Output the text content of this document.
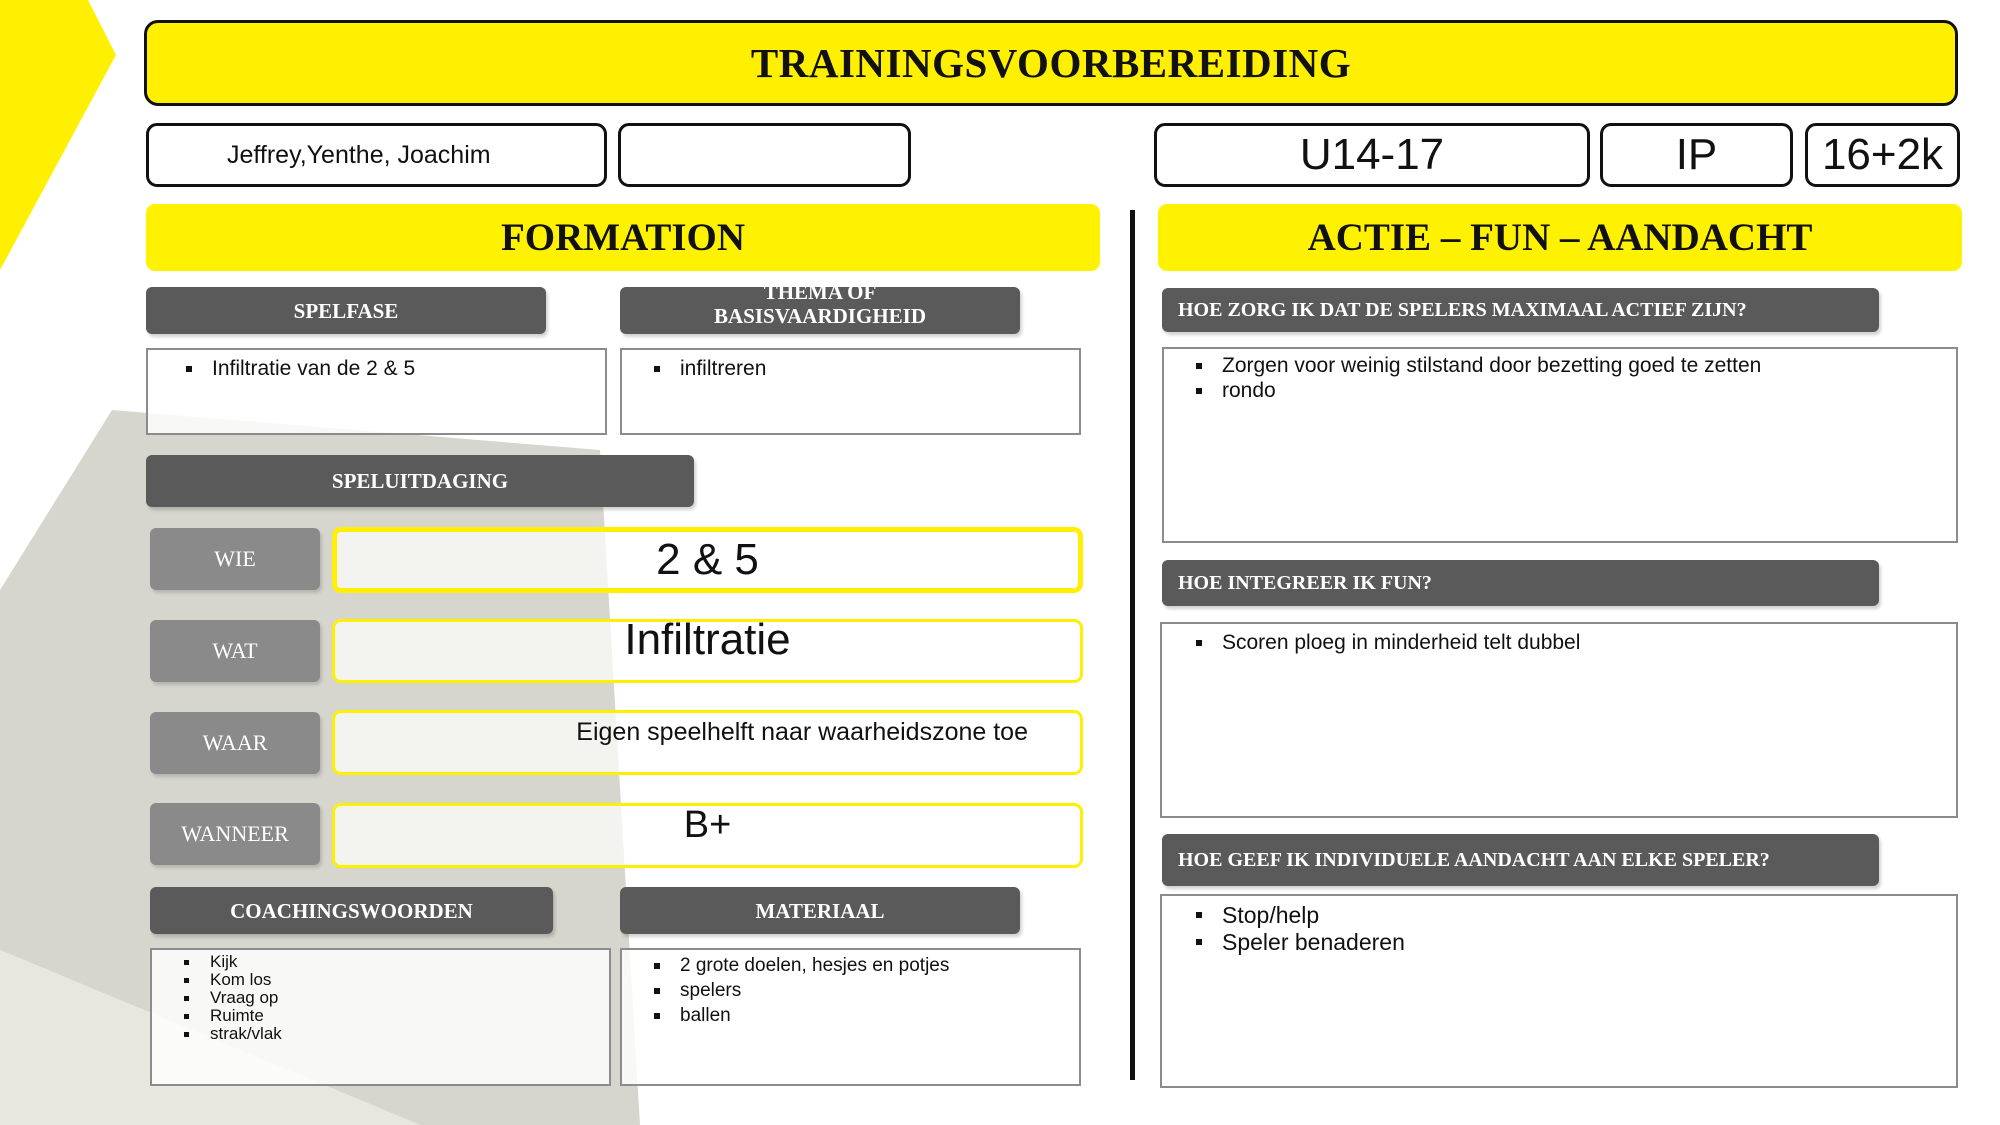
TRAININGSVOORBEREIDING
Jeffrey,Yenthe, Joachim	U14-17	IP 16+2k
FORMATION	ACTIE – FUN – AANDACHT
SPELFASE
Infiltratie van de 2 & 5
THEMA OF
BASISVAARDIGHEID
infiltreren
SPELUITDAGING
WIE	2 & 5
WAT	Infiltratie
WAAR	Eigen speelhelft naar waarheidszone toe
WANNEER	B+
COACHINGSWOORDEN
Kijk
Kom los
Vraag op
Ruimte
strak/vlak
MATERIAAL
2 grote doelen, hesjes en potjes
spelers
ballen
HOE ZORG IK DAT DE SPELERS MAXIMAAL ACTIEF ZIJN?
Zorgen voor weinig stilstand door bezetting goed te zetten
rondo
HOE INTEGREER IK FUN?
Scoren ploeg in minderheid telt dubbel
HOE GEEF IK INDIVIDUELE AANDACHT AAN ELKE SPELER?
Stop/help
Speler benaderen
